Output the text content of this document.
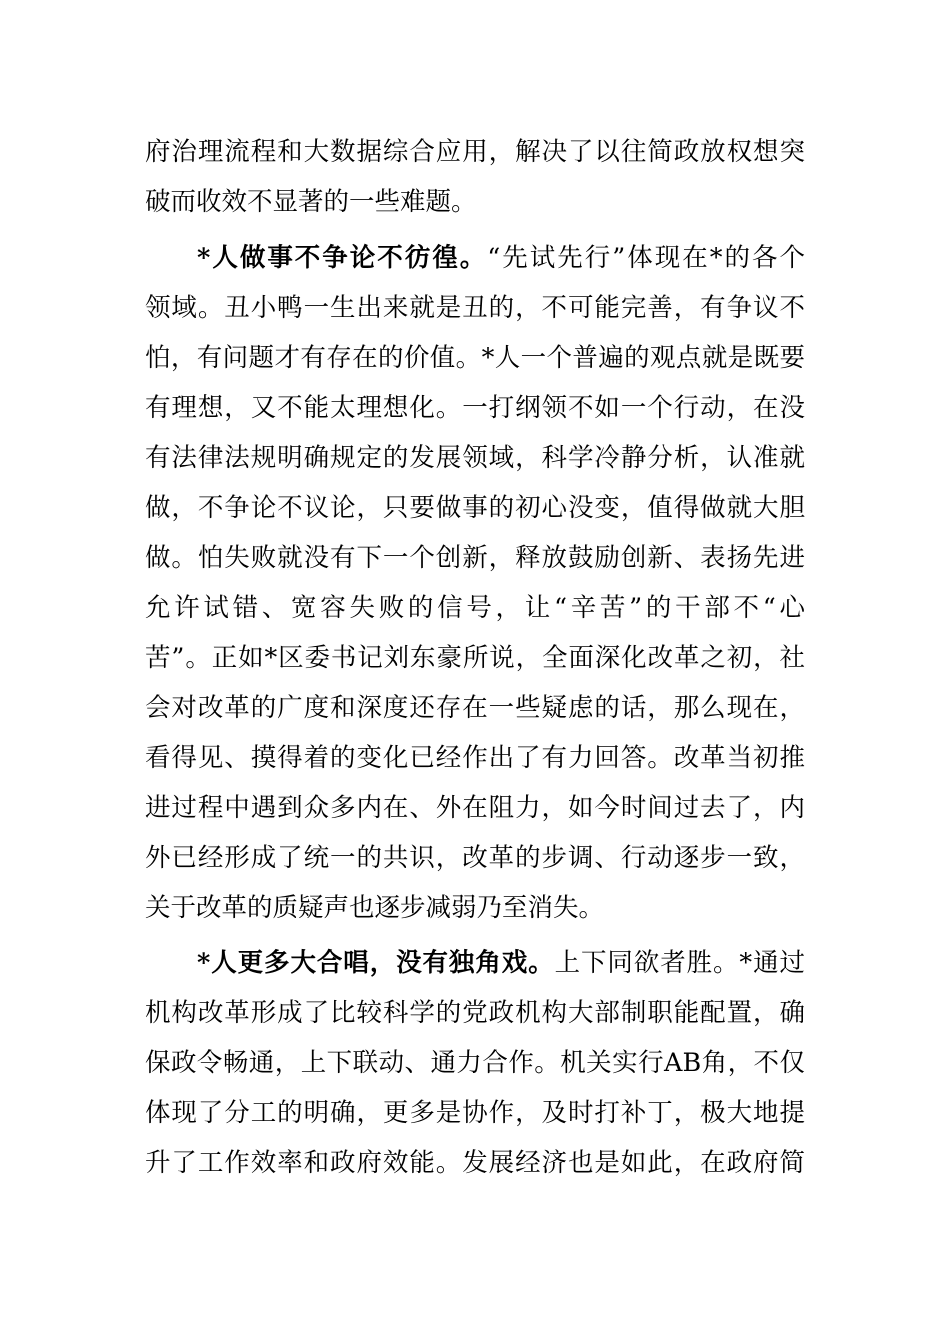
府治理流程和大数据综合应用，解决了以往简政放权想突
破而收效不显著的一些难题。
*人做事不争论不彷徨。“先试先行”体现在*的各个
领域。丑小鸭一生出来就是丑的，不可能完善，有争议不
怕，有问题才有存在的价值。*人一个普遍的观点就是既要
有理想，又不能太理想化。一打纲领不如一个行动，在没
有法律法规明确规定的发展领域，科学冷静分析，认准就
做，不争论不议论，只要做事的初心没变，值得做就大胆
做。怕失败就没有下一个创新，释放鼓励创新、表扬先进
允许试错、宽容失败的信号，让“辛苦”的干部不“心
苦”。正如*区委书记刘东豪所说，全面深化改革之初，社
会对改革的广度和深度还存在一些疑虑的话，那么现在，
看得见、摸得着的变化已经作出了有力回答。改革当初推
进过程中遇到众多内在、外在阻力，如今时间过去了，内
外已经形成了统一的共识，改革的步调、行动逐步一致，
关于改革的质疑声也逐步减弱乃至消失。
*人更多大合唱，没有独角戏。上下同欲者胜。*通过
机构改革形成了比较科学的党政机构大部制职能配置，确
保政令畅通，上下联动、通力合作。机关实行AB角，不仅
体现了分工的明确，更多是协作，及时打补丁，极大地提
升了工作效率和政府效能。发展经济也是如此，在政府简
